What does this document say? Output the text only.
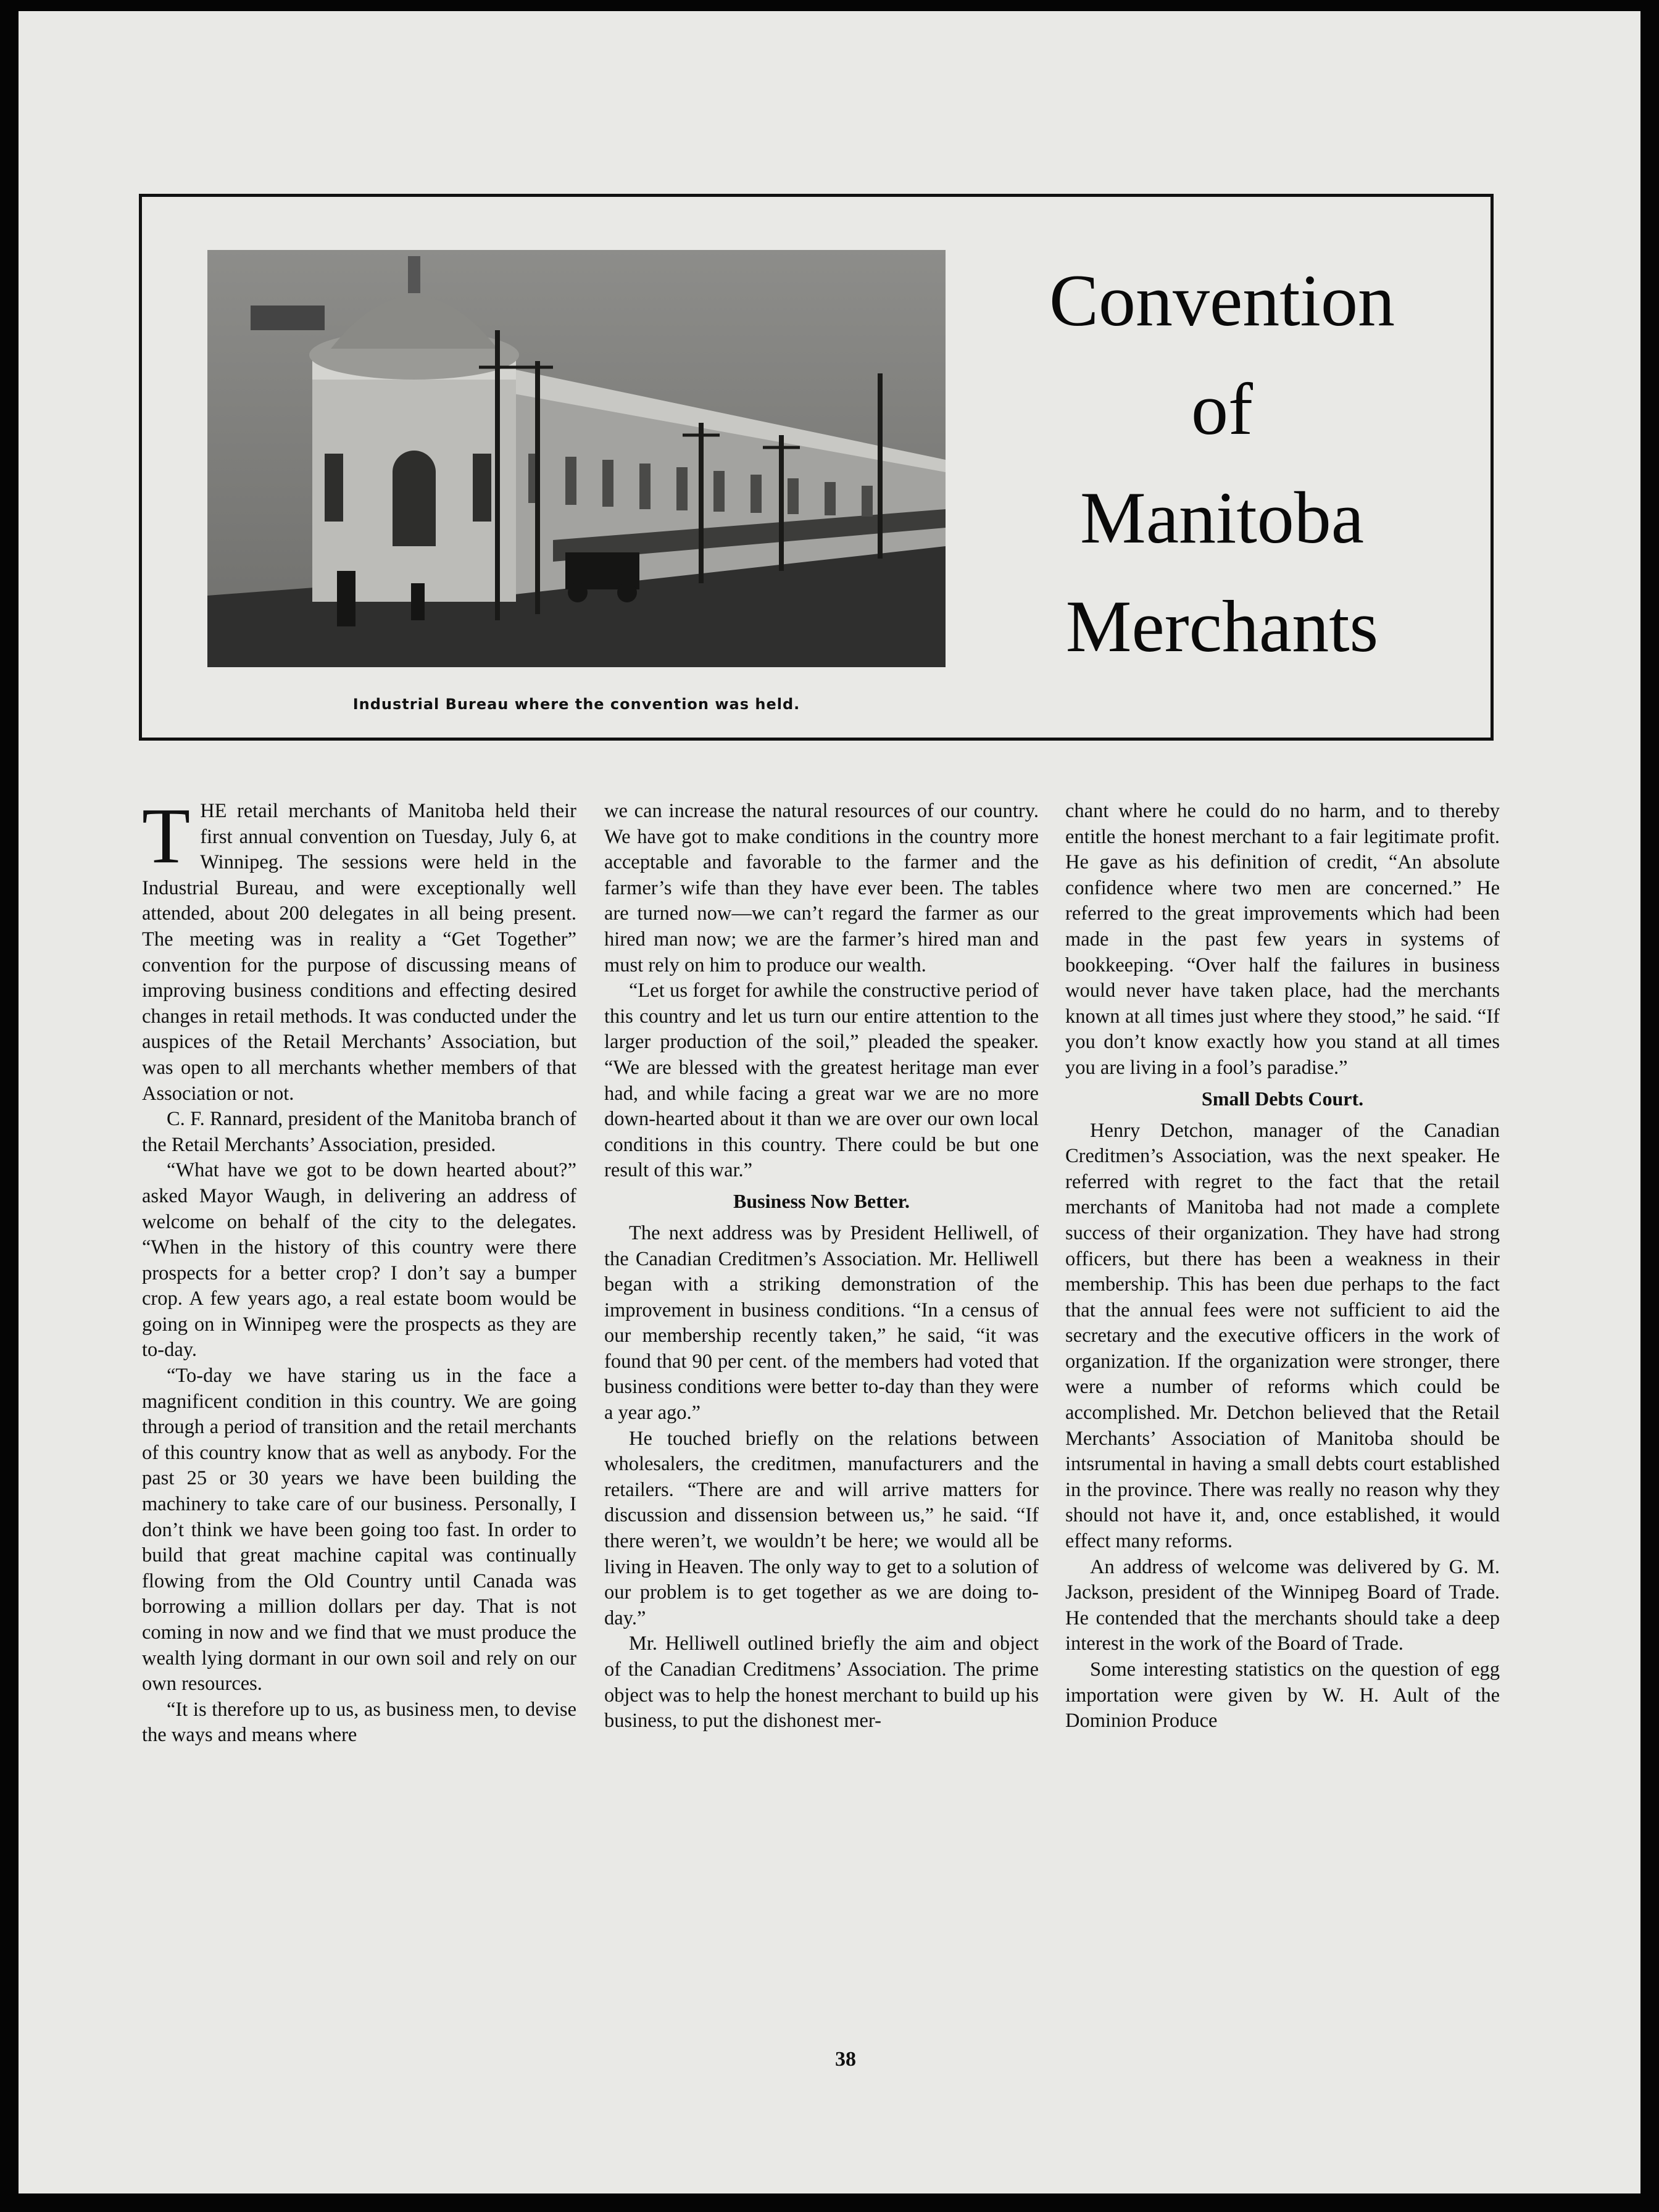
Industrial Bureau where the convention was held.
Convention
of
Manitoba
Merchants

THE retail merchants of Manitoba held their first annual convention on Tuesday, July 6, at Winnipeg. The sessions were held in the Industrial Bureau, and were exceptionally well attended, about 200 delegates in all being present. The meeting was in reality a “Get Together” convention for the purpose of discussing means of improving business conditions and effecting desired changes in retail methods. It was conducted under the auspices of the Retail Merchants’ Association, but was open to all merchants whether members of that Association or not.

C. F. Rannard, president of the Manitoba branch of the Retail Merchants’ Association, presided.

“What have we got to be down hearted about?” asked Mayor Waugh, in delivering an address of welcome on behalf of the city to the delegates. “When in the history of this country were there prospects for a better crop? I don’t say a bumper crop. A few years ago, a real estate boom would be going on in Winnipeg were the prospects as they are to-day.

“To-day we have staring us in the face a magnificent condition in this country. We are going through a period of transition and the retail merchants of this country know that as well as anybody. For the past 25 or 30 years we have been building the machinery to take care of our business. Personally, I don’t think we have been going too fast. In order to build that great machine capital was continually flowing from the Old Country until Canada was borrowing a million dollars per day. That is not coming in now and we find that we must produce the wealth lying dormant in our own soil and rely on our own resources.

“It is therefore up to us, as business men, to devise the ways and means where

we can increase the natural resources of our country. We have got to make conditions in the country more acceptable and favorable to the farmer and the farmer’s wife than they have ever been. The tables are turned now—we can’t regard the farmer as our hired man now; we are the farmer’s hired man and must rely on him to produce our wealth.

“Let us forget for awhile the constructive period of this country and let us turn our entire attention to the larger production of the soil,” pleaded the speaker. “We are blessed with the greatest heritage man ever had, and while facing a great war we are no more down-hearted about it than we are over our own local conditions in this country. There could be but one result of this war.”

Business Now Better.

The next address was by President Helliwell, of the Canadian Creditmen’s Association. Mr. Helliwell began with a striking demonstration of the improvement in business conditions. “In a census of our membership recently taken,” he said, “it was found that 90 per cent. of the members had voted that business conditions were better to-day than they were a year ago.”

He touched briefly on the relations between wholesalers, the creditmen, manufacturers and the retailers. “There are and will arrive matters for discussion and dissension between us,” he said. “If there weren’t, we wouldn’t be here; we would all be living in Heaven. The only way to get to a solution of our problem is to get together as we are doing to-day.”

Mr. Helliwell outlined briefly the aim and object of the Canadian Creditmens’ Association. The prime object was to help the honest merchant to build up his business, to put the dishonest mer-

chant where he could do no harm, and to thereby entitle the honest merchant to a fair legitimate profit. He gave as his definition of credit, “An absolute confidence where two men are concerned.” He referred to the great improvements which had been made in the past few years in systems of bookkeeping. “Over half the failures in business would never have taken place, had the merchants known at all times just where they stood,” he said. “If you don’t know exactly how you stand at all times you are living in a fool’s paradise.”

Small Debts Court.

Henry Detchon, manager of the Canadian Creditmen’s Association, was the next speaker. He referred with regret to the fact that the retail merchants of Manitoba had not made a complete success of their organization. They have had strong officers, but there has been a weakness in their membership. This has been due perhaps to the fact that the annual fees were not sufficient to aid the secretary and the executive officers in the work of organization. If the organization were stronger, there were a number of reforms which could be accomplished. Mr. Detchon believed that the Retail Merchants’ Association of Manitoba should be intsrumental in having a small debts court established in the province. There was really no reason why they should not have it, and, once established, it would effect many reforms.

An address of welcome was delivered by G. M. Jackson, president of the Winnipeg Board of Trade. He contended that the merchants should take a deep interest in the work of the Board of Trade.

Some interesting statistics on the question of egg importation were given by W. H. Ault of the Dominion Produce

38
